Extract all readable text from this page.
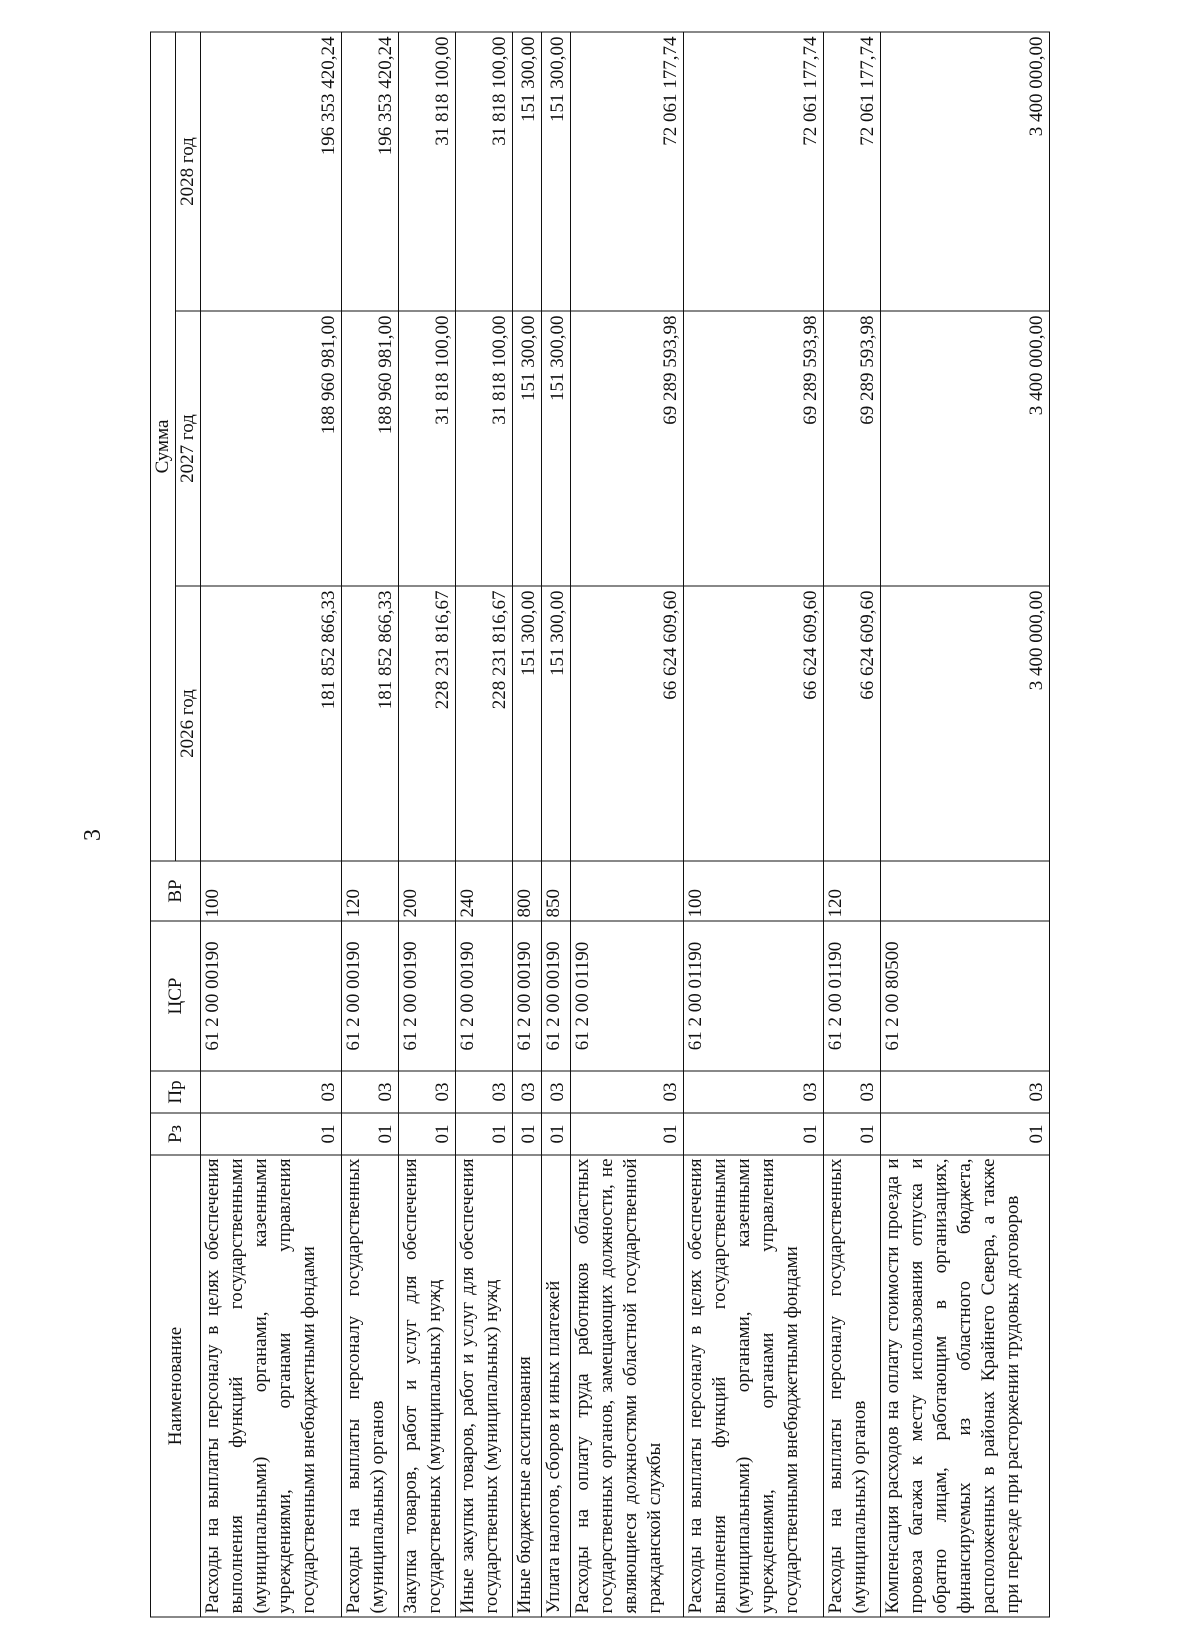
3
Наименование	Рз	Пр	ЦСР	ВР	Сумма		
					2026 год	2027 год	2028 год
Расходы на выплаты персоналу в целях обеспечения выполнения функций государственными (муниципальными) органами, казенными учреждениями, органами управления государственными внебюджетными фондами	01	03	61 2 00 00190	100	181 852 866,33	188 960 981,00	196 353 420,24
Расходы на выплаты персоналу государственных (муниципальных) органов	01	03	61 2 00 00190	120	181 852 866,33	188 960 981,00	196 353 420,24
Закупка товаров, работ и услуг для обеспечения государственных (муниципальных) нужд	01	03	61 2 00 00190	200	228 231 816,67	31 818 100,00	31 818 100,00
Иные закупки товаров, работ и услуг для обеспечения государственных (муниципальных) нужд	01	03	61 2 00 00190	240	228 231 816,67	31 818 100,00	31 818 100,00
Иные бюджетные ассигнования	01	03	61 2 00 00190	800	151 300,00	151 300,00	151 300,00
Уплата налогов, сборов и иных платежей	01	03	61 2 00 00190	850	151 300,00	151 300,00	151 300,00
Расходы на оплату труда работников областных государственных органов, замещающих должности, не являющиеся должностями областной государственной гражданской службы	01	03	61 2 00 01190		66 624 609,60	69 289 593,98	72 061 177,74
Расходы на выплаты персоналу в целях обеспечения выполнения функций государственными (муниципальными) органами, казенными учреждениями, органами управления государственными внебюджетными фондами	01	03	61 2 00 01190	100	66 624 609,60	69 289 593,98	72 061 177,74
Расходы на выплаты персоналу государственных (муниципальных) органов	01	03	61 2 00 01190	120	66 624 609,60	69 289 593,98	72 061 177,74
Компенсация расходов на оплату стоимости проезда и провоза багажа к месту использования отпуска и обратно лицам, работающим в организациях, финансируемых из областного бюджета, расположенных в районах Крайнего Севера, а также при переезде при расторжении трудовых договоров	01	03	61 2 00 80500		3 400 000,00	3 400 000,00	3 400 000,00
